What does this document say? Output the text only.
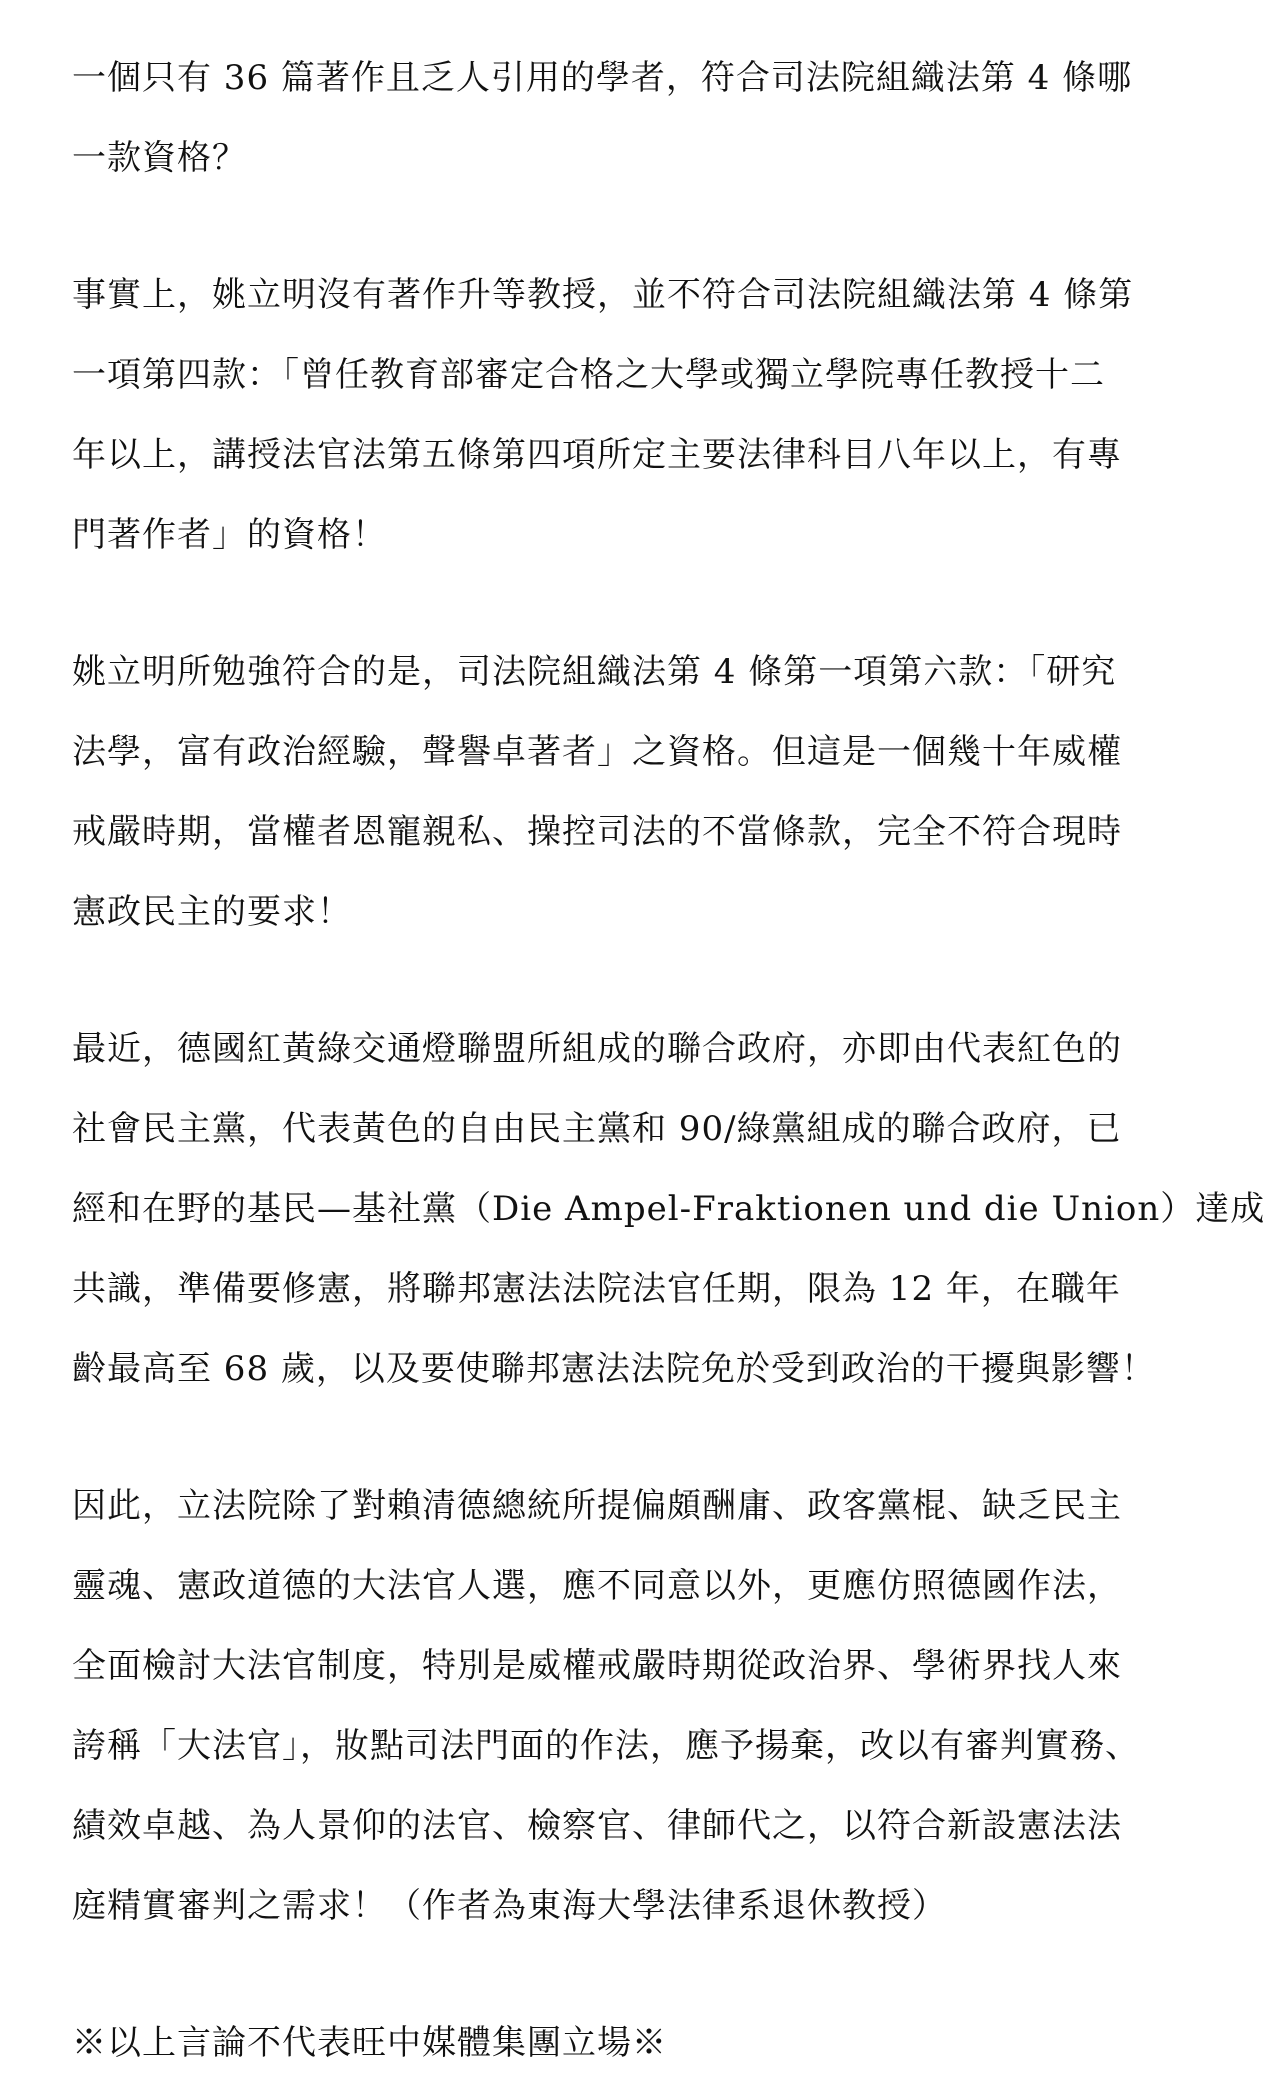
一個只有 36 篇著作且乏人引用的學者，符合司法院組織法第 4 條哪
一款資格？
事實上，姚立明沒有著作升等教授，並不符合司法院組織法第 4 條第
一項第四款：「曾任教育部審定合格之大學或獨立學院專任教授十二
年以上，講授法官法第五條第四項所定主要法律科目八年以上，有專
門著作者」的資格！
姚立明所勉強符合的是，司法院組織法第 4 條第一項第六款：「研究
法學，富有政治經驗，聲譽卓著者」之資格。但這是一個幾十年威權
戒嚴時期，當權者恩寵親私、操控司法的不當條款，完全不符合現時
憲政民主的要求！
最近，德國紅黃綠交通燈聯盟所組成的聯合政府，亦即由代表紅色的
社會民主黨，代表黃色的自由民主黨和 90/綠黨組成的聯合政府，已
經和在野的基民—基社黨（Die Ampel-Fraktionen und die Union）達成
共識，準備要修憲，將聯邦憲法法院法官任期，限為 12 年，在職年
齡最高至 68 歲，以及要使聯邦憲法法院免於受到政治的干擾與影響！
因此，立法院除了對賴清德總統所提偏頗酬庸、政客黨棍、缺乏民主
靈魂、憲政道德的大法官人選，應不同意以外，更應仿照德國作法，
全面檢討大法官制度，特別是威權戒嚴時期從政治界、學術界找人來
誇稱「大法官」，妝點司法門面的作法，應予揚棄，改以有審判實務、
績效卓越、為人景仰的法官、檢察官、律師代之，以符合新設憲法法
庭精實審判之需求！（作者為東海大學法律系退休教授）
※以上言論不代表旺中媒體集團立場※
